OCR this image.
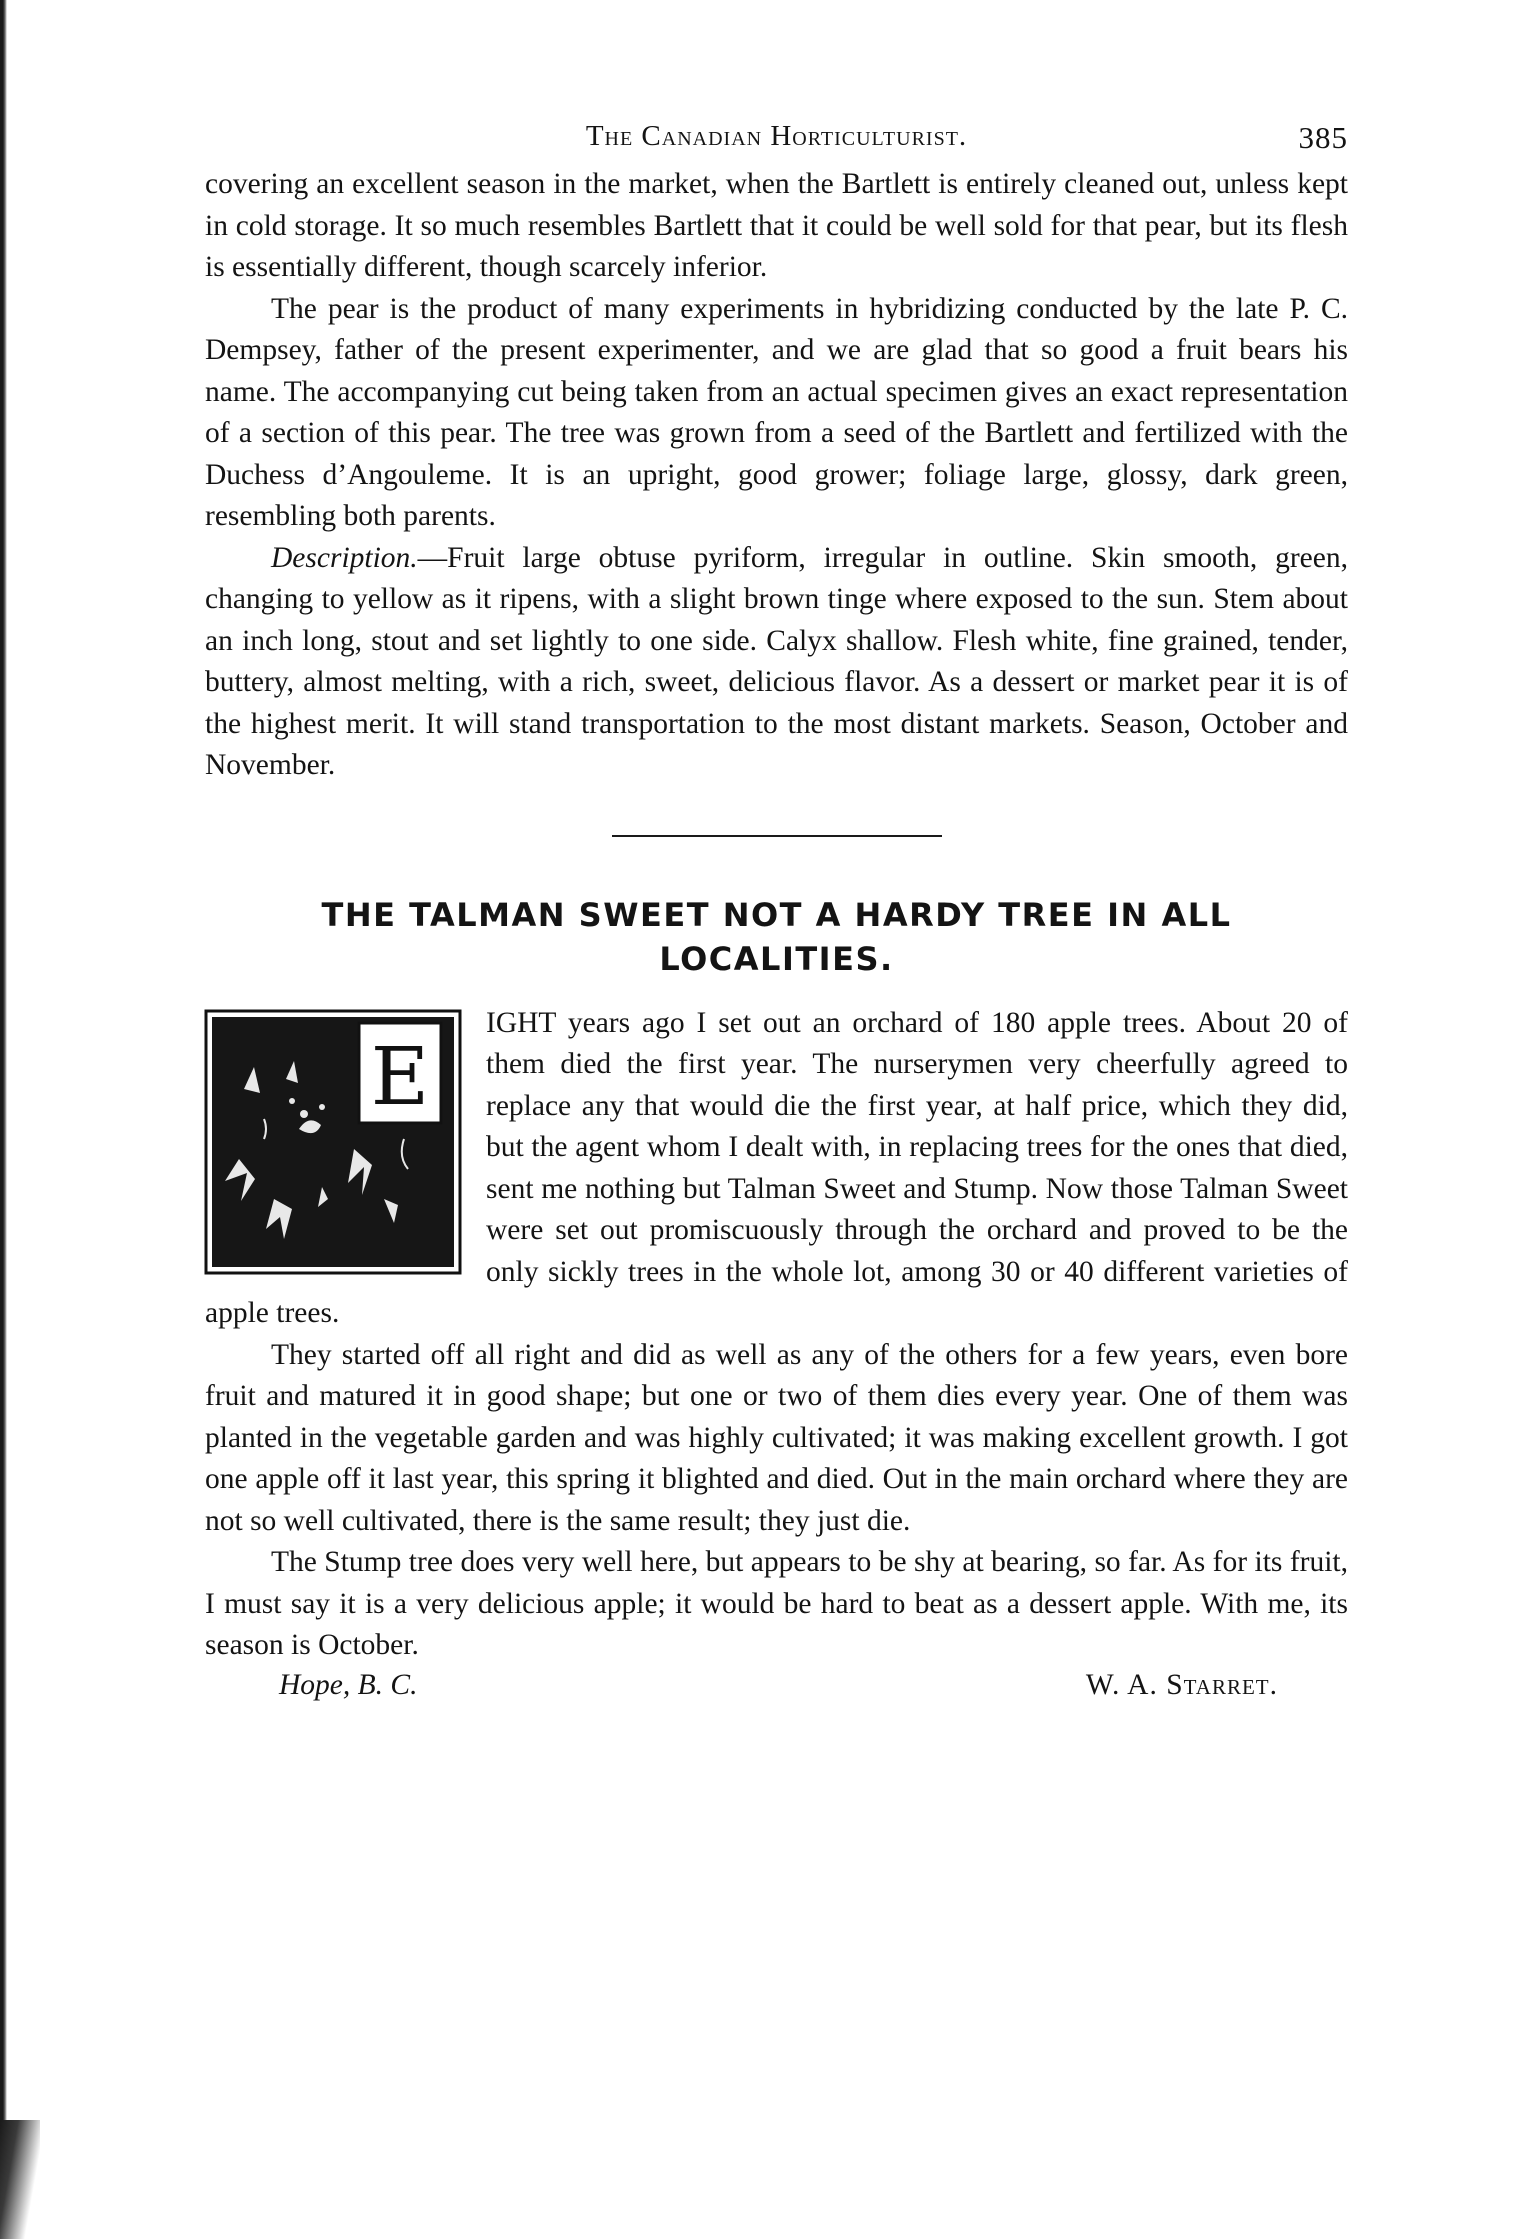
The Canadian Horticulturist.	385

covering an excellent season in the market, when the Bartlett is entirely cleaned out, unless kept in cold storage. It so much resembles Bartlett that it could be well sold for that pear, but its flesh is essentially different, though scarcely inferior.

The pear is the product of many experiments in hybridizing conducted by the late P. C. Dempsey, father of the present experimenter, and we are glad that so good a fruit bears his name. The accompanying cut being taken from an actual specimen gives an exact representation of a section of this pear. The tree was grown from a seed of the Bartlett and fertilized with the Duchess d’Angouleme. It is an upright, good grower; foliage large, glossy, dark green, resembling both parents.

Description.—Fruit large obtuse pyriform, irregular in outline. Skin smooth, green, changing to yellow as it ripens, with a slight brown tinge where exposed to the sun. Stem about an inch long, stout and set lightly to one side. Calyx shallow. Flesh white, fine grained, tender, buttery, almost melting, with a rich, sweet, delicious flavor. As a dessert or market pear it is of the highest merit. It will stand transportation to the most distant markets. Season, October and November.

THE TALMAN SWEET NOT A HARDY TREE IN ALL LOCALITIES.
E

IGHT years ago I set out an orchard of 180 apple trees. About 20 of them died the first year. The nurserymen very cheerfully agreed to replace any that would die the first year, at half price, which they did, but the agent whom I dealt with, in replacing trees for the ones that died, sent me nothing but Talman Sweet and Stump. Now those Talman Sweet were set out promiscuously through the orchard and proved to be the only sickly trees in the whole lot, among 30 or 40 different varieties of apple trees.

They started off all right and did as well as any of the others for a few years, even bore fruit and matured it in good shape; but one or two of them dies every year. One of them was planted in the vegetable garden and was highly cultivated; it was making excellent growth. I got one apple off it last year, this spring it blighted and died. Out in the main orchard where they are not so well cultivated, there is the same result; they just die.

The Stump tree does very well here, but appears to be shy at bearing, so far. As for its fruit, I must say it is a very delicious apple; it would be hard to beat as a dessert apple. With me, its season is October.

Hope, B. C.	W. A. Starret.
